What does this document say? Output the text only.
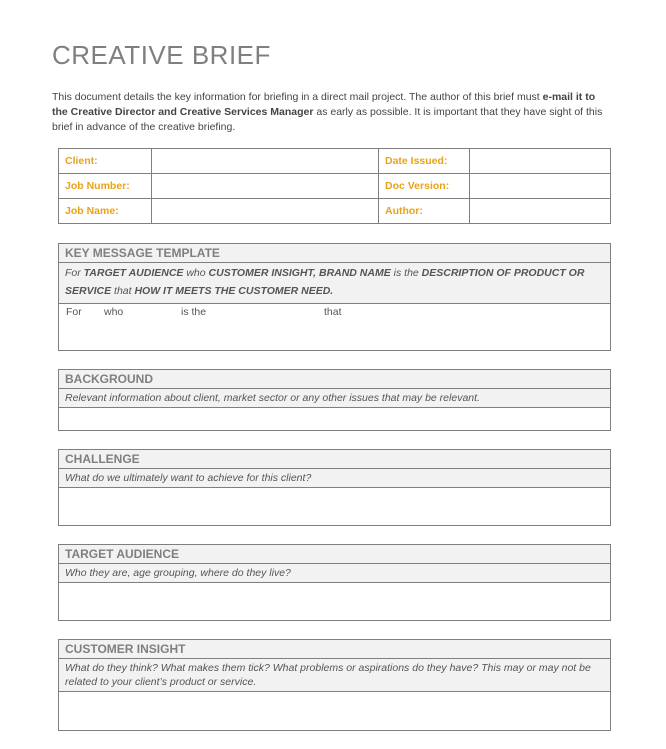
CREATIVE BRIEF
This document details the key information for briefing in a direct mail project. The author of this brief must e-mail it to the Creative Director and Creative Services Manager as early as possible. It is important that they have sight of this brief in advance of the creative briefing.
Client:		Date Issued:	
Job Number:		Doc Version:	
Job Name:		Author:	
KEY MESSAGE TEMPLATE
For TARGET AUDIENCE who CUSTOMER INSIGHT, BRAND NAME is the DESCRIPTION OF PRODUCT OR SERVICE that HOW IT MEETS THE CUSTOMER NEED.
For who	is the	that
BACKGROUND
Relevant information about client, market sector or any other issues that may be relevant.
CHALLENGE
What do we ultimately want to achieve for this client?
TARGET AUDIENCE
Who they are, age grouping, where do they live?
CUSTOMER INSIGHT
What do they think? What makes them tick? What problems or aspirations do they have? This may or may not be related to your client’s product or service.
